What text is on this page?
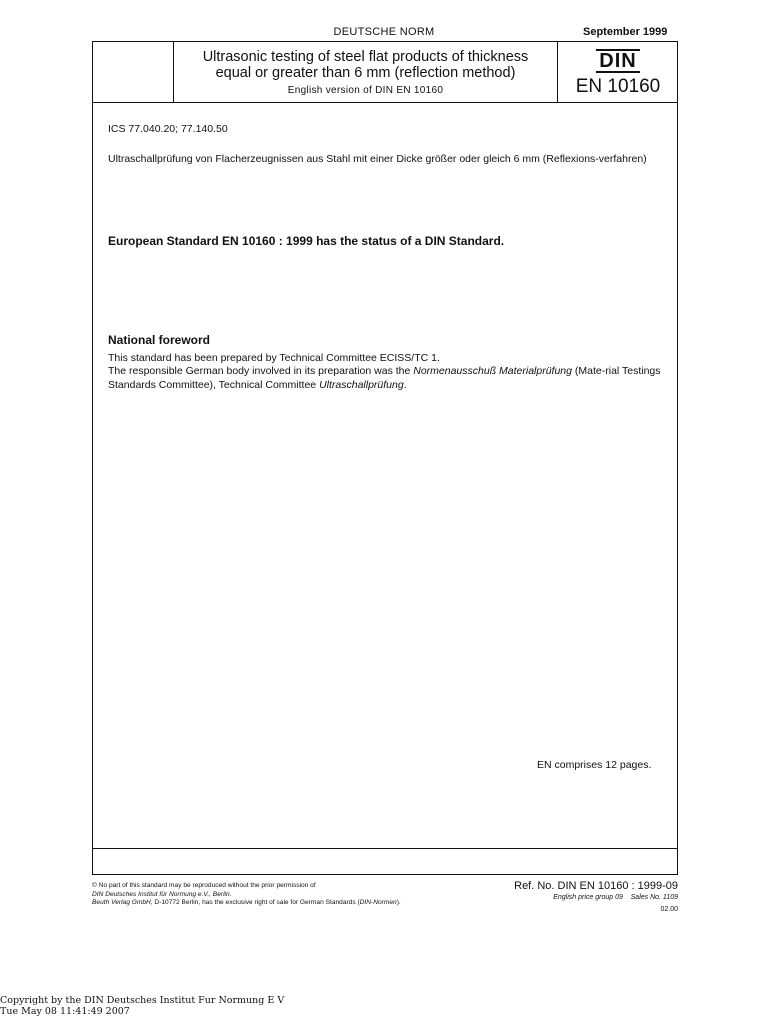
DEUTSCHE NORM	September 1999
Ultrasonic testing of steel flat products of thickness
equal or greater than 6 mm (reflection method)
English version of DIN EN 10160
DIN
EN 10160
ICS 77.040.20; 77.140.50
Ultraschallprüfung von Flacherzeugnissen aus Stahl mit einer Dicke größer oder gleich 6 mm (Reflexions-verfahren)
European Standard EN 10160 : 1999 has the status of a DIN Standard.
National foreword
This standard has been prepared by Technical Committee ECISS/TC 1.
The responsible German body involved in its preparation was the Normenausschuß Materialprüfung (Mate-rial Testings Standards Committee), Technical Committee Ultraschallprüfung.
EN comprises 12 pages.
© No part of this standard may be reproduced without the prior permission of
DIN Deutsches Institut für Normung e.V., Berlin.
Beuth Verlag GmbH, D-10772 Berlin, has the exclusive right of sale for German Standards (DIN-Normen).
Ref. No. DIN EN 10160 : 1999-09
English price group 09 Sales No. 1109
02.00
Copyright by the DIN Deutsches Institut Fur Normung E V
Tue May 08 11:41:49 2007
